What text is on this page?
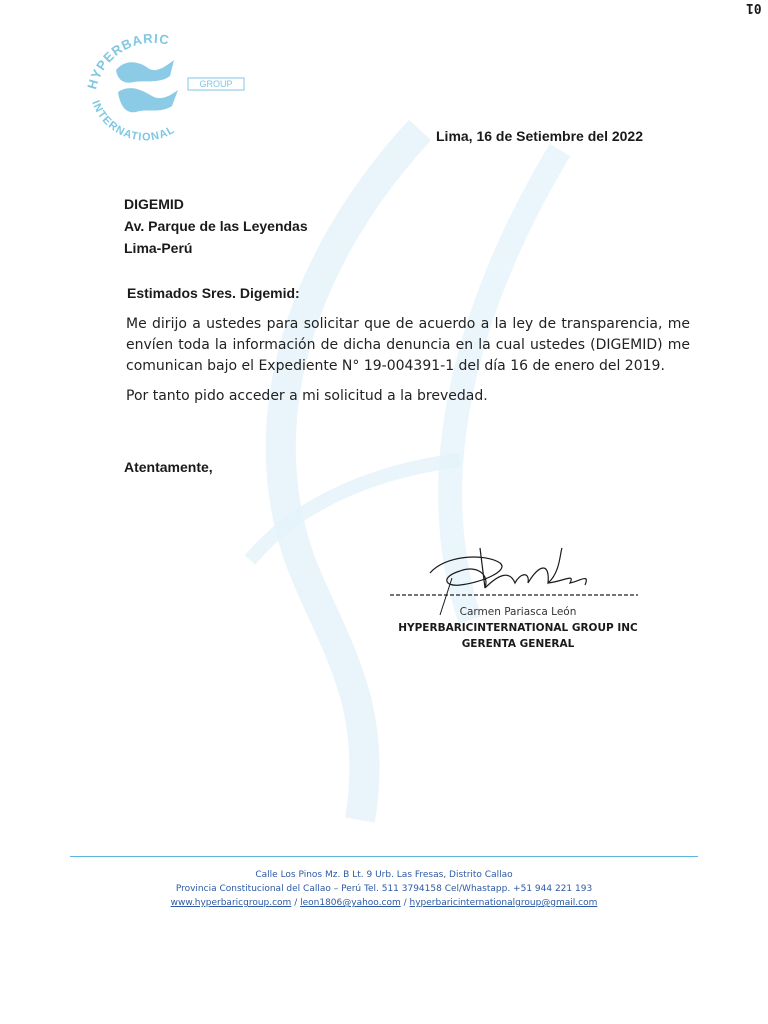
01
HYPERBARIC
INTERNATIONAL
GROUP
Lima, 16 de Setiembre del 2022
DIGEMID
Av. Parque de las Leyendas
Lima-Perú
Estimados Sres. Digemid:

Me dirijo a ustedes para solicitar que de acuerdo a la ley de transparencia, me envíen toda la información de dicha denuncia en la cual ustedes (DIGEMID) me comunican bajo el Expediente N° 19-004391-1 del día 16 de enero del 2019.

Por tanto pido acceder a mi solicitud a la brevedad.

Atentamente,
Carmen Pariasca León
HYPERBARICINTERNATIONAL GROUP INC
GERENTA GENERAL
Calle Los Pinos Mz. B Lt. 9 Urb. Las Fresas, Distrito Callao
Provincia Constitucional del Callao – Perú Tel. 511 3794158 Cel/Whastapp. +51 944 221 193
www.hyperbaricgroup.com / leon1806@yahoo.com / hyperbaricinternationalgroup@gmail.com
